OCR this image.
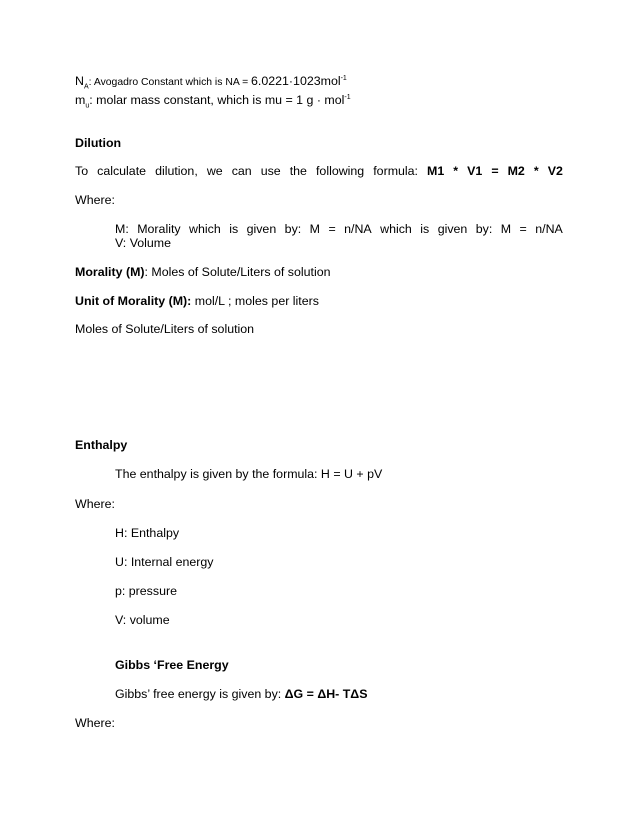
$N_A$: Avogadro Constant which is NA = 6.0221·1023mol$^{-1}$
$m_u$: molar mass constant, which is mu = 1 g · mol$^{-1}$
Dilution
To calculate dilution, we can use the following formula: M1 * V1 = M2 * V2
Where:
M: Morality which is given by: M = n/NA which is given by: M = n/NA
V: Volume
Morality (M): Moles of Solute/Liters of solution
Unit of Morality (M): mol/L ; moles per liters
Moles of Solute/Liters of solution
Enthalpy
The enthalpy is given by the formula: H = U + pV
Where:
H: Enthalpy
U: Internal energy
p: pressure
V: volume
Gibbs ‘Free Energy
Gibbs’ free energy is given by: ΔG = ΔH- TΔS
Where:
